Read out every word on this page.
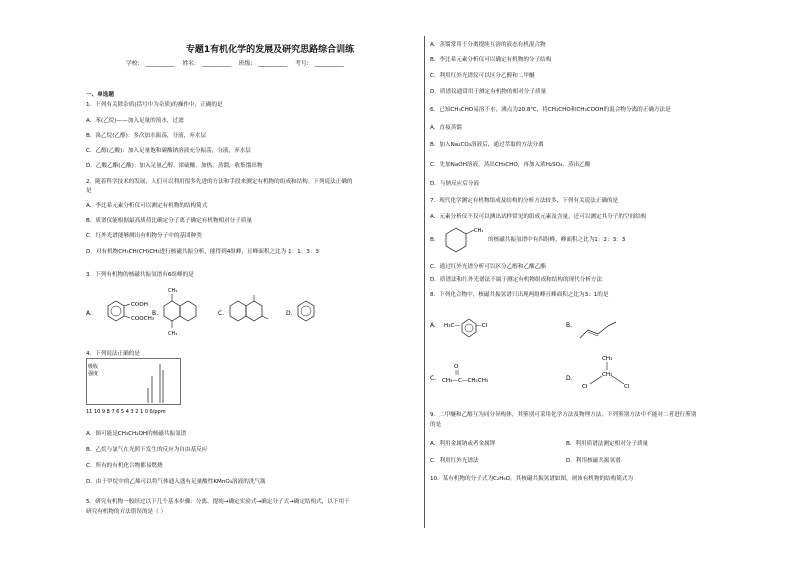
专题1有机化学的发展及研究思路综合训练
学校: __________ 姓名: __________ 班级: __________ 考号: __________
一、单选题
1．下列有关除杂质(括号中为杂质)的操作中，正确的是
A．苯(乙烷)——加入足量的溴水，过滤
B．溴乙烷(乙醇)：多次加水振荡，分液，弃水层
C．乙醇(乙酸)：加入足量饱和碳酸钠溶液充分振荡，分液，弃水层
D．乙酸乙酯(乙酸)：加入足量乙醇、浓硫酸，加热，蒸馏，收集馏出物
2．随着科学技术的发展，人们可以利用很多先进的方法和手段来测定有机物的组成和结构。下列说法正确的
是
A．李比希元素分析仪可以测定有机物的结构简式
B．质谱仪能根据最高质荷比确定分子离子确定有机物相对分子质量
C．红外光谱能够测出有机物分子中的基团种类
D．对有机物CH₃CH(CH)CH₃进行核磁共振分析，能得到4组峰，且峰面积之比为 1：1：3：3
3．下列有机物的核磁共振氢谱有6组峰的是
A.
COOH
COOCH₃
B.
CH₃
CH₃
C.	D.
4．下列说法正确的是
吸收
强度
11 10 9 8 7 6 5 4 3 2 1 0 δ/ppm
A．图可能是CH₃CH₂OH的核磁共振氢谱
B．乙烷与氯气在光照下发生的反应为自由基反应
C．所有的有机化合物都易燃烧
D．由于甲烷中的乙烯可以将气体通入盛有足量酸性KMnO₄溶液的洗气瓶
5．研究有机物一般经过以下几个基本步骤：分离、提纯→确定实验式→确定分子式→确定结构式，以下用于
研究有机物的方法错误的是（ ）
A．蒸馏常用于分离提纯互溶的液态有机混合物
B．李比希元素分析仪可以确定有机物的分子结构
C．利用红外光谱仪可以区分乙醇和二甲醚
D．质谱仪通常用于测定有机物的相对分子质量
6．已知CH₃CHO易溶于水，沸点为20.8℃，将CH₃CHO和CH₃COOH的混合物分离的正确方法是
A．直接蒸馏
B．加入Na₂CO₃溶液后，通过萃取的方法分离
C．先加NaOH溶液，蒸出CH₃CHO，再加入浓H₂SO₄，蒸出乙酸
D．与钠反应后分液
7．现代化学测定有机物组成及结构的分析方法较多，下列有关说法正确的是
A．元素分析仪不仅可以测出试样常见的组成元素及含量，还可以测定其分子的空间结构
B．
CH₃
的核磁共振氢谱中有四组峰，峰面积之比为1：2：3：3
C．通过红外光谱分析可以区分乙醇和乙酸乙酯
D．质谱法和红外光谱法不属于测定有机物组成和结构的现代分析方法
8．下列化合物中，核磁共振氢谱只出现两组峰且峰面积之比为3：1的是
A. H₃C—	—Cl	B.
C.
O
CH₃—C—CH₂CH₃	D.
CH₃
CH₃
Cl	Cl
9．二甲醚和乙醇互为同分异构体，其鉴别可采用化学方法及物理方法，下列鉴别方法中不能对二者进行鉴别
的是
A．利用金属钠或者金属钾	B．利用质谱法测定相对分子质量
C．利用红外光谱法	D．利用核磁共振氢谱
10．某有机物的分子式为C₂H₆O，其核磁共振氢谱如图，则该有机物的结构简式为
